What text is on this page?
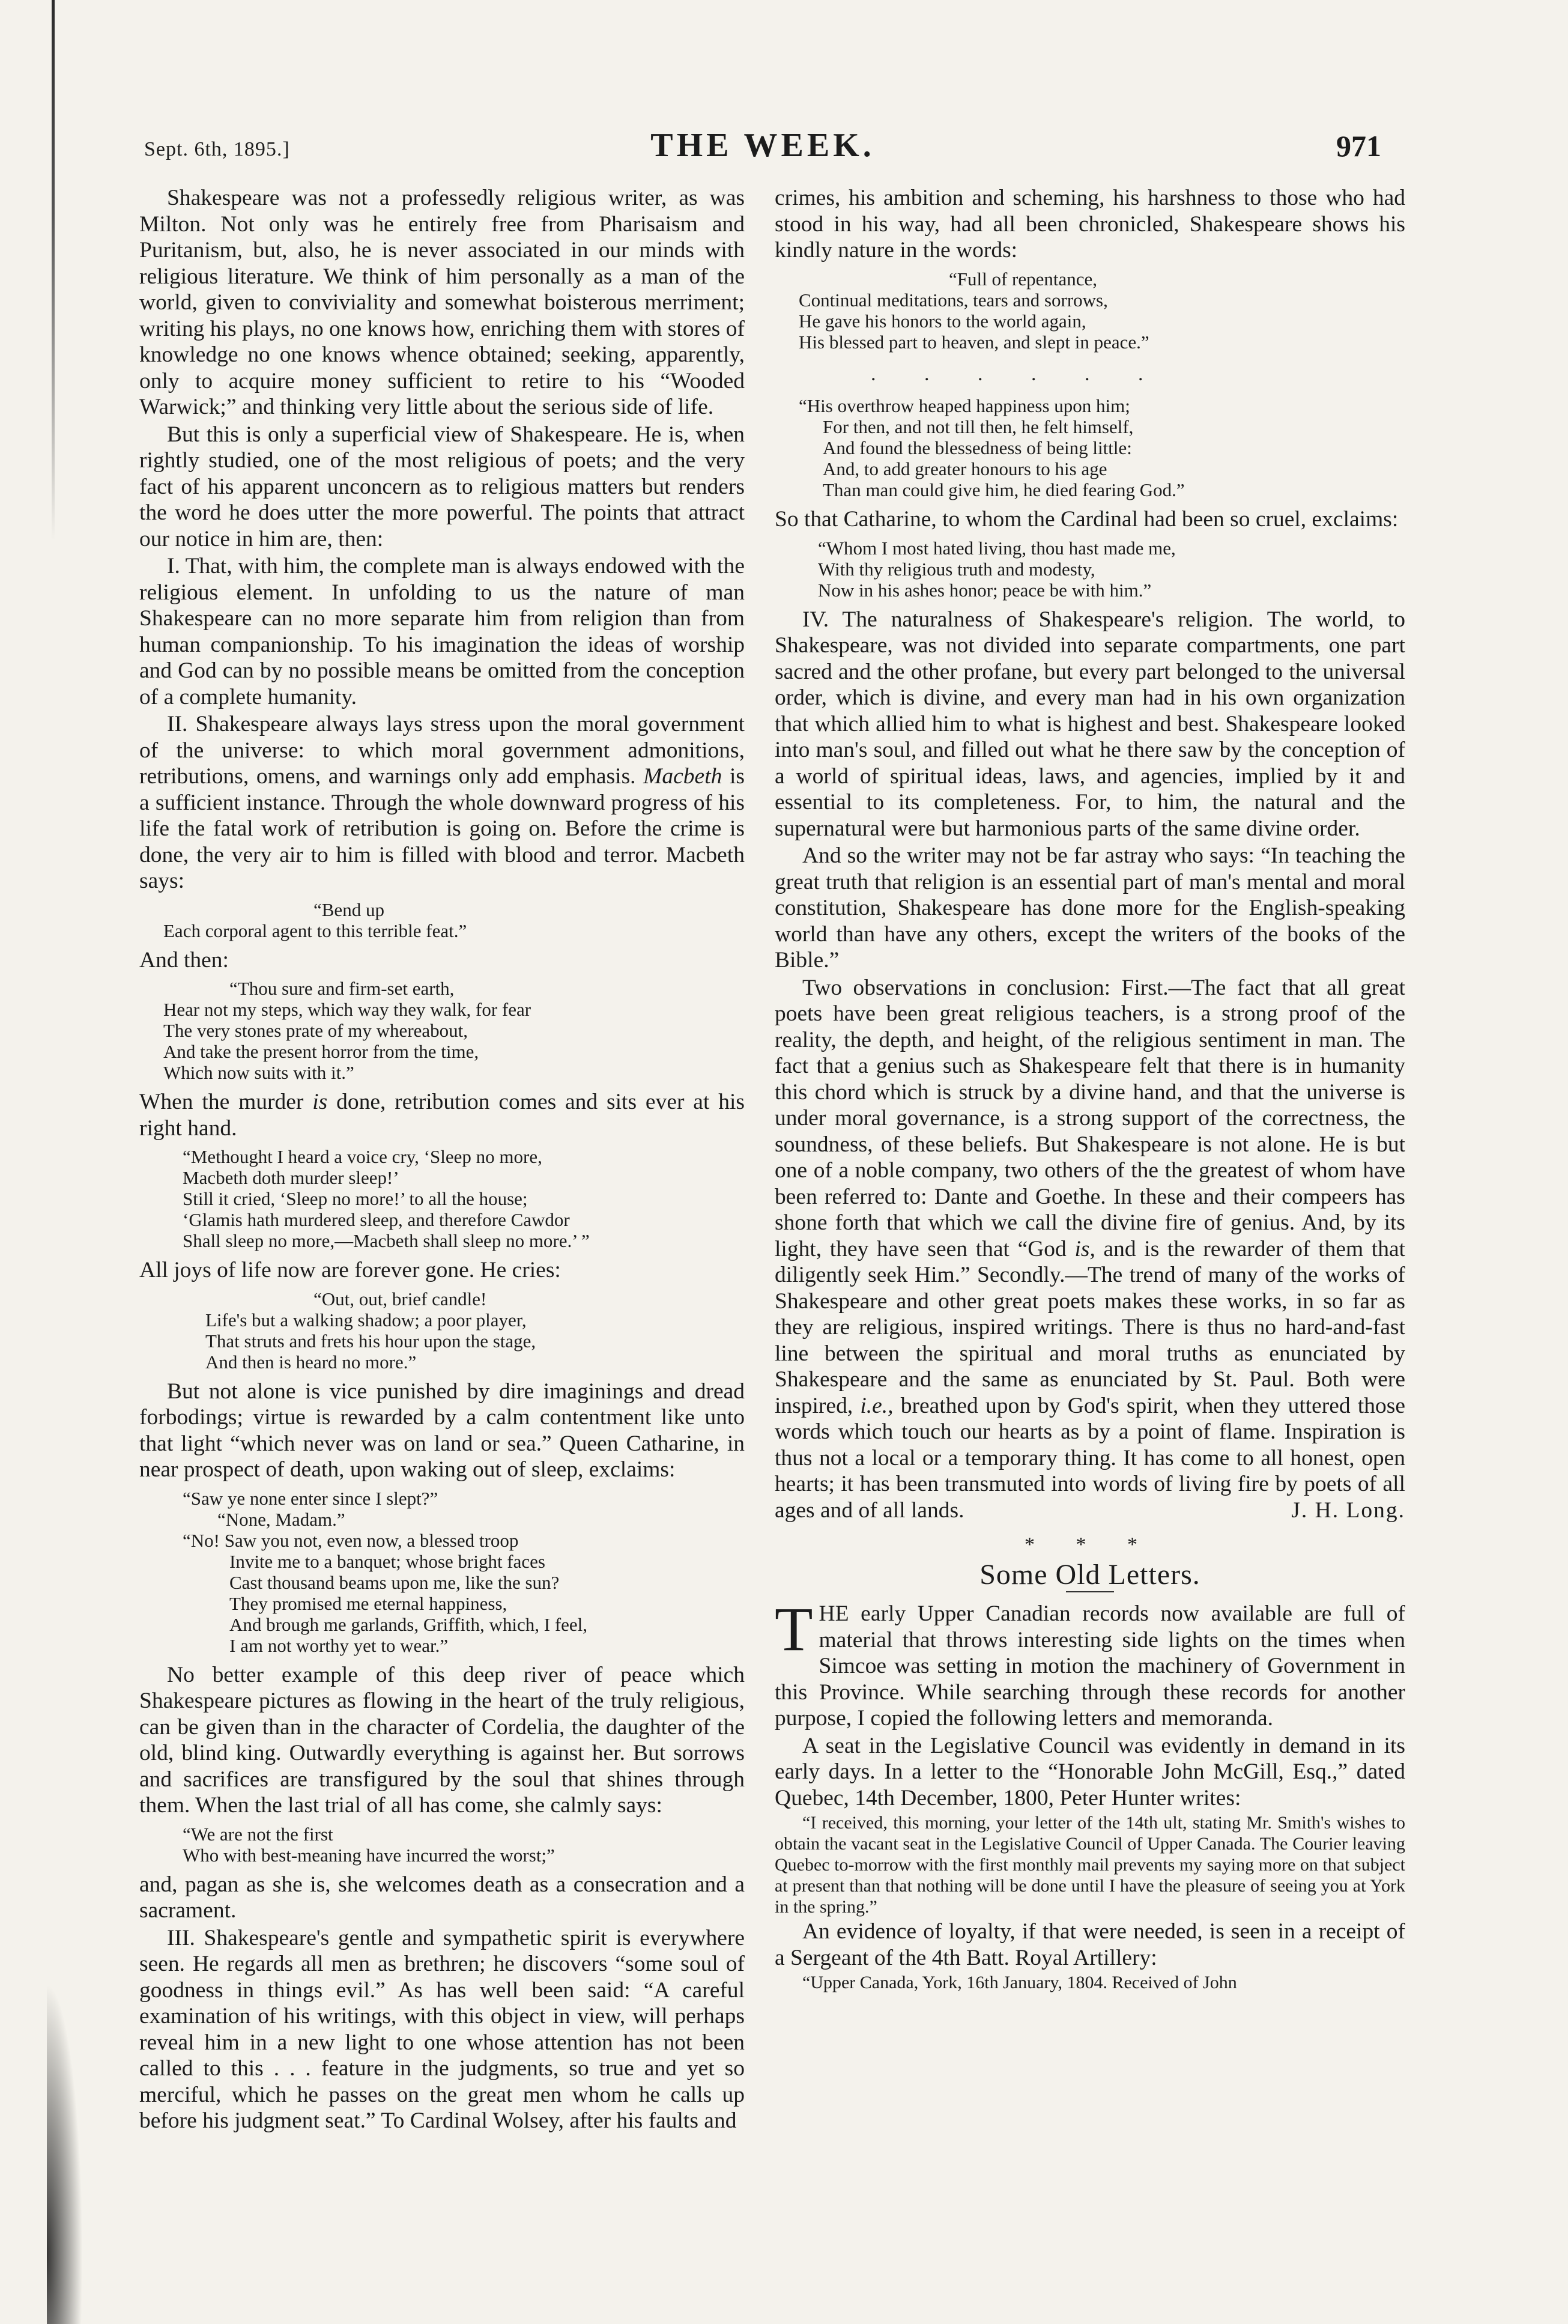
Sept. 6th, 1895.]	THE WEEK.	971

Shakespeare was not a professedly religious writer, as was Milton. Not only was he entirely free from Pharisaism and Puritanism, but, also, he is never associated in our minds with religious literature. We think of him personally as a man of the world, given to conviviality and somewhat boisterous merriment; writing his plays, no one knows how, enriching them with stores of knowledge no one knows whence obtained; seeking, apparently, only to acquire money sufficient to retire to his “Wooded Warwick;” and thinking very little about the serious side of life.

But this is only a superficial view of Shakespeare. He is, when rightly studied, one of the most religious of poets; and the very fact of his apparent unconcern as to religious matters but renders the word he does utter the more powerful. The points that attract our notice in him are, then:

I. That, with him, the complete man is always endowed with the religious element. In unfolding to us the nature of man Shakespeare can no more separate him from religion than from human companionship. To his imagination the ideas of worship and God can by no possible means be omitted from the conception of a complete humanity.

II. Shakespeare always lays stress upon the moral government of the universe: to which moral government admonitions, retributions, omens, and warnings only add emphasis. Macbeth is a sufficient instance. Through the whole downward progress of his life the fatal work of retribution is going on. Before the crime is done, the very air to him is filled with blood and terror. Macbeth says:

“Bend up
Each corporal agent to this terrible feat.”

And then:

“Thou sure and firm-set earth,
Hear not my steps, which way they walk, for fear
The very stones prate of my whereabout,
And take the present horror from the time,
Which now suits with it.”

When the murder is done, retribution comes and sits ever at his right hand.

“Methought I heard a voice cry, ‘Sleep no more,
Macbeth doth murder sleep!’
Still it cried, ‘Sleep no more!’ to all the house;
‘Glamis hath murdered sleep, and therefore Cawdor
Shall sleep no more,—Macbeth shall sleep no more.’ ”

All joys of life now are forever gone. He cries:

“Out, out, brief candle!
Life's but a walking shadow; a poor player,
That struts and frets his hour upon the stage,
And then is heard no more.”

But not alone is vice punished by dire imaginings and dread forbodings; virtue is rewarded by a calm contentment like unto that light “which never was on land or sea.” Queen Catharine, in near prospect of death, upon waking out of sleep, exclaims:

“Saw ye none enter since I slept?”
“None, Madam.”
“No! Saw you not, even now, a blessed troop
Invite me to a banquet; whose bright faces
Cast thousand beams upon me, like the sun?
They promised me eternal happiness,
And brough me garlands, Griffith, which, I feel,
I am not worthy yet to wear.”

No better example of this deep river of peace which Shakespeare pictures as flowing in the heart of the truly religious, can be given than in the character of Cordelia, the daughter of the old, blind king. Outwardly everything is against her. But sorrows and sacrifices are transfigured by the soul that shines through them. When the last trial of all has come, she calmly says:

“We are not the first
Who with best-meaning have incurred the worst;”

and, pagan as she is, she welcomes death as a consecration and a sacrament.

III. Shakespeare's gentle and sympathetic spirit is everywhere seen. He regards all men as brethren; he discovers “some soul of goodness in things evil.” As has well been said: “A careful examination of his writings, with this object in view, will perhaps reveal him in a new light to one whose attention has not been called to this . . . feature in the judgments, so true and yet so merciful, which he passes on the great men whom he calls up before his judgment seat.” To Cardinal Wolsey, after his faults and

crimes, his ambition and scheming, his harshness to those who had stood in his way, had all been chronicled, Shakespeare shows his kindly nature in the words:

“Full of repentance,
Continual meditations, tears and sorrows,
He gave his honors to the world again,
His blessed part to heaven, and slept in peace.”
. . . . . .
“His overthrow heaped happiness upon him;
For then, and not till then, he felt himself,
And found the blessedness of being little:
And, to add greater honours to his age
Than man could give him, he died fearing God.”

So that Catharine, to whom the Cardinal had been so cruel, exclaims:

“Whom I most hated living, thou hast made me,
With thy religious truth and modesty,
Now in his ashes honor; peace be with him.”

IV. The naturalness of Shakespeare's religion. The world, to Shakespeare, was not divided into separate compartments, one part sacred and the other profane, but every part belonged to the universal order, which is divine, and every man had in his own organization that which allied him to what is highest and best. Shakespeare looked into man's soul, and filled out what he there saw by the conception of a world of spiritual ideas, laws, and agencies, implied by it and essential to its completeness. For, to him, the natural and the supernatural were but harmonious parts of the same divine order.

And so the writer may not be far astray who says: “In teaching the great truth that religion is an essential part of man's mental and moral constitution, Shakespeare has done more for the English-speaking world than have any others, except the writers of the books of the Bible.”

Two observations in conclusion: First.—The fact that all great poets have been great religious teachers, is a strong proof of the reality, the depth, and height, of the religious sentiment in man. The fact that a genius such as Shakespeare felt that there is in humanity this chord which is struck by a divine hand, and that the universe is under moral governance, is a strong support of the correctness, the soundness, of these beliefs. But Shakespeare is not alone. He is but one of a noble company, two others of the the greatest of whom have been referred to: Dante and Goethe. In these and their compeers has shone forth that which we call the divine fire of genius. And, by its light, they have seen that “God is, and is the rewarder of them that diligently seek Him.” Secondly.—The trend of many of the works of Shakespeare and other great poets makes these works, in so far as they are religious, inspired writings. There is thus no hard-and-fast line between the spiritual and moral truths as enunciated by Shakespeare and the same as enunciated by St. Paul. Both were inspired, i.e., breathed upon by God's spirit, when they uttered those words which touch our hearts as by a point of flame. Inspiration is thus not a local or a temporary thing. It has come to all honest, open hearts; it has been transmuted into words of living fire by poets of all ages and of all lands.	J. H. Long.

* * *
Some Old Letters.

THE early Upper Canadian records now available are full of material that throws interesting side lights on the times when Simcoe was setting in motion the machinery of Government in this Province. While searching through these records for another purpose, I copied the following letters and memoranda.

A seat in the Legislative Council was evidently in demand in its early days. In a letter to the “Honorable John McGill, Esq.,” dated Quebec, 14th December, 1800, Peter Hunter writes:

“I received, this morning, your letter of the 14th ult, stating Mr. Smith's wishes to obtain the vacant seat in the Legislative Council of Upper Canada. The Courier leaving Quebec to-morrow with the first monthly mail prevents my saying more on that subject at present than that nothing will be done until I have the pleasure of seeing you at York in the spring.”

An evidence of loyalty, if that were needed, is seen in a receipt of a Sergeant of the 4th Batt. Royal Artillery:

“Upper Canada, York, 16th January, 1804. Received of John
